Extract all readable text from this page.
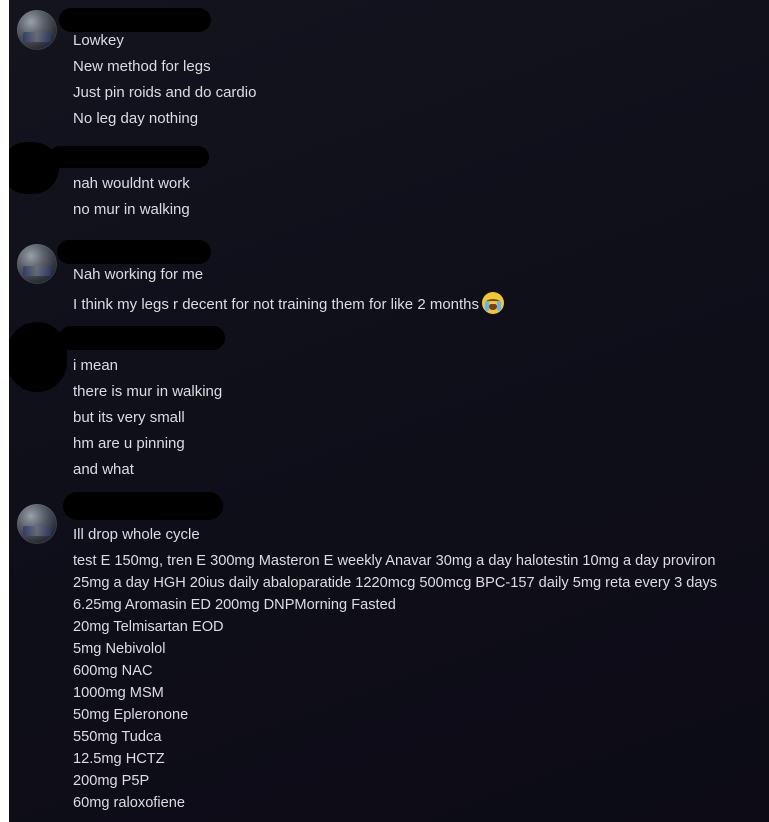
Lowkey
New method for legs
Just pin roids and do cardio
No leg day nothing
nah wouldnt work
no mur in walking
Nah working for me
I think my legs r decent for not training them for like 2 months
i mean
there is mur in walking
but its very small
hm are u pinning
and what
Ill drop whole cycle
test E 150mg, tren E 300mg Masteron E weekly Anavar 30mg a day halotestin 10mg a day proviron
25mg a day HGH 20ius daily abaloparatide 1220mcg 500mcg BPC-157 daily 5mg reta every 3 days
6.25mg Aromasin ED 200mg DNPMorning Fasted
20mg Telmisartan EOD
5mg Nebivolol
600mg NAC
1000mg MSM
50mg Epleronone
550mg Tudca
12.5mg HCTZ
200mg P5P
60mg raloxofiene
